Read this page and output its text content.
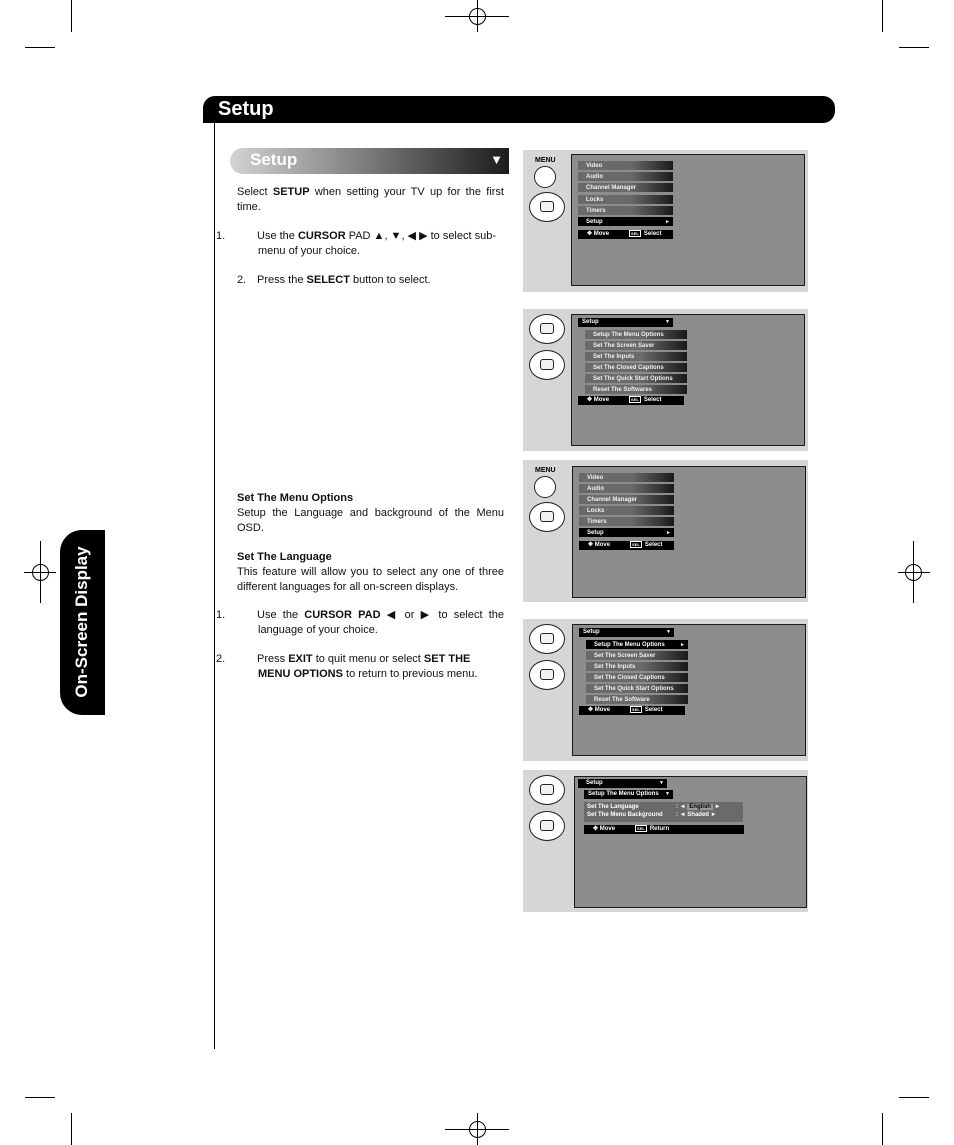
Setup
On-Screen Display
Setup	▼
Select SETUP when setting your TV up for the first time.
1.	Use the CURSOR PAD ▲, ▼, ◀ ▶ to select sub-menu of your choice.
2. Press the SELECT button to select.
Set The Menu Options
Setup the Language and background of the Menu OSD.
Set The Language
This feature will allow you to select any one of three different languages for all on-screen displays.
1.	Use the CURSOR PAD ◀ or ▶ to select the language of your choice.
2.	Press EXIT to quit menu or select SET THE MENU OPTIONS to return to previous menu.
MENU
Video
Audio
Channel Manager
Locks
Timers
Setup	►
✥ Move	SEL Select
Setup	▼
Setup The Menu Options
Set The Screen Saver
Set The Inputs
Set The Closed Captions
Set The Quick Start Options
Reset The Softwares
✥ Move	SEL Select
MENU
Video
Audio
Channel Manager
Locks
Timers
Setup	►
✥ Move	SEL Select
Setup	▼
Setup The Menu Options	►
Set The Screen Saver
Set The Inputs
Set The Closed Captions
Set The Quick Start Options
Reset The Software
✥ Move	SEL Select
Setup	▼
Setup The Menu Options ▼
Set The Language	: ◄ English ►
Set The Menu Background : ◄ Shaded ►
✥ Move	SEL Return
